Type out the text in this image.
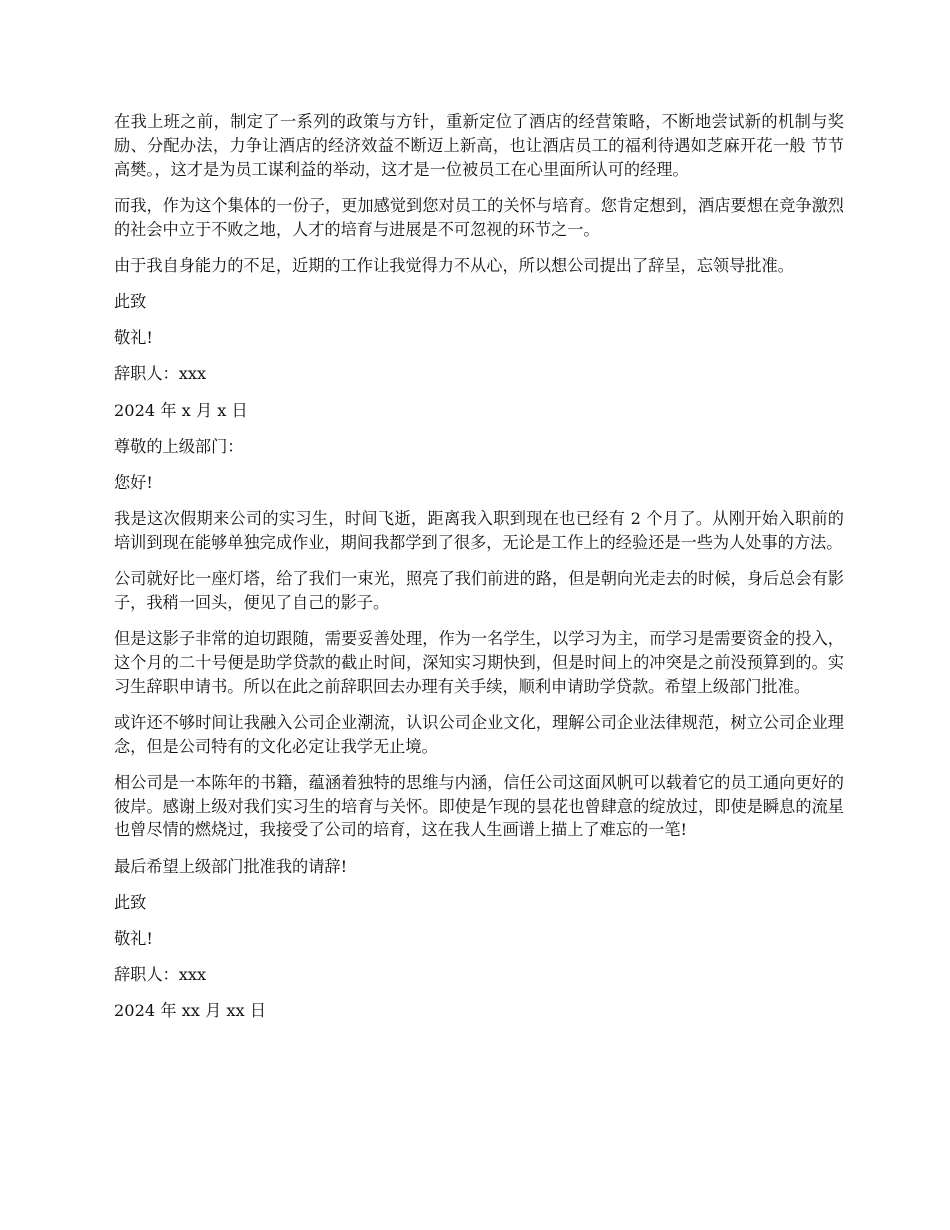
在我上班之前，制定了一系列的政策与方针，重新定位了酒店的经营策略，不断地尝试新的机制与奖励、分配办法，力争让酒店的经济效益不断迈上新高，也让酒店员工的福利待遇如芝麻开花一般 节节高樊。，这才是为员工谋利益的举动，这才是一位被员工在心里面所认可的经理。

而我，作为这个集体的一份子，更加感觉到您对员工的关怀与培育。您肯定想到，酒店要想在竞争激烈的社会中立于不败之地，人才的培育与进展是不可忽视的环节之一。

由于我自身能力的不足，近期的工作让我觉得力不从心，所以想公司提出了辞呈，忘领导批准。

此致

敬礼!

辞职人：xxx

2024 年 x 月 x 日

尊敬的上级部门：

您好!

我是这次假期来公司的实习生，时间飞逝，距离我入职到现在也已经有 2 个月了。从刚开始入职前的培训到现在能够单独完成作业，期间我都学到了很多，无论是工作上的经验还是一些为人处事的方法。

公司就好比一座灯塔，给了我们一束光，照亮了我们前进的路，但是朝向光走去的时候，身后总会有影子，我稍一回头，便见了自己的影子。

但是这影子非常的迫切跟随，需要妥善处理，作为一名学生，以学习为主，而学习是需要资金的投入，这个月的二十号便是助学贷款的截止时间，深知实习期快到，但是时间上的冲突是之前没预算到的。实习生辞职申请书。所以在此之前辞职回去办理有关手续，顺利申请助学贷款。希望上级部门批准。

或许还不够时间让我融入公司企业潮流，认识公司企业文化，理解公司企业法律规范，树立公司企业理念，但是公司特有的文化必定让我学无止境。

相公司是一本陈年的书籍，蕴涵着独特的思维与内涵，信任公司这面风帆可以载着它的员工通向更好的彼岸。感谢上级对我们实习生的培育与关怀。即使是乍现的昙花也曾肆意的绽放过，即使是瞬息的流星也曾尽情的燃烧过，我接受了公司的培育，这在我人生画谱上描上了难忘的一笔!

最后希望上级部门批准我的请辞!

此致

敬礼!

辞职人：xxx

2024 年 xx 月 xx 日
